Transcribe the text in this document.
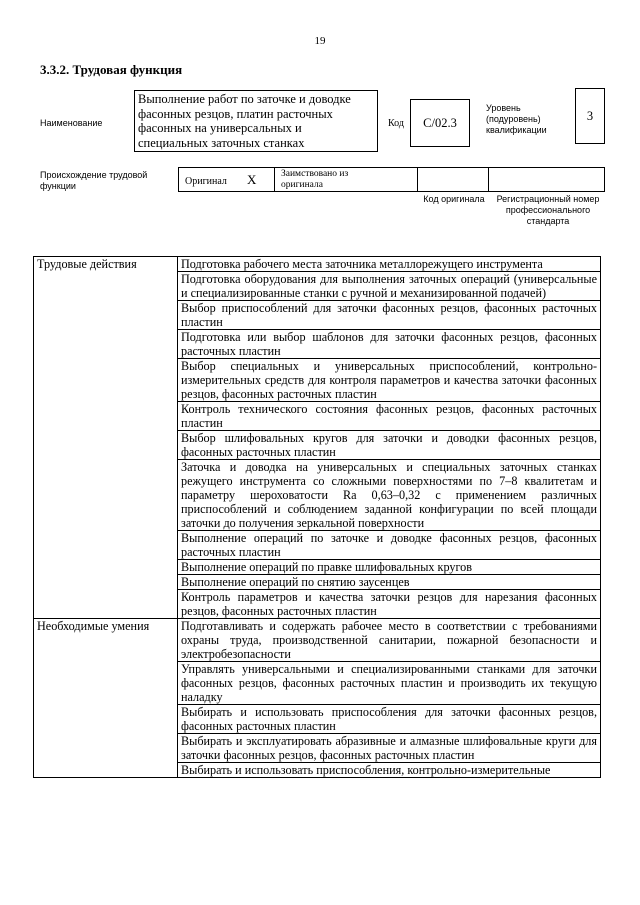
19
3.3.2. Трудовая функция
Наименование
Выполнение работ по заточке и доводке фасонных резцов, платин расточных фасонных на универсальных и специальных заточных станках
Код	С/02.3
Уровень (подуровень) квалификации
3
Происхождение трудовой функции	Оригинал X	Заимствовано из оригинала
Код оригинала	Регистрационный номер профессионального стандарта
Трудовые действия	Подготовка рабочего места заточника металлорежущего инструмента
	Подготовка оборудования для выполнения заточных операций (универсальные и специализированные станки с ручной и механизированной подачей)
	Выбор приспособлений для заточки фасонных резцов, фасонных расточных пластин
	Подготовка или выбор шаблонов для заточки фасонных резцов, фасонных расточных пластин
	Выбор специальных и универсальных приспособлений, контрольно-измерительных средств для контроля параметров и качества заточки фасонных резцов, фасонных расточных пластин
	Контроль технического состояния фасонных резцов, фасонных расточных пластин
	Выбор шлифовальных кругов для заточки и доводки фасонных резцов, фасонных расточных пластин
	Заточка и доводка на универсальных и специальных заточных станках режущего инструмента со сложными поверхностями по 7–8 квалитетам и параметру шероховатости Ra 0,63–0,32 с применением различных приспособлений и соблюдением заданной конфигурации по всей площади заточки до получения зеркальной поверхности
	Выполнение операций по заточке и доводке фасонных резцов, фасонных расточных пластин
	Выполнение операций по правке шлифовальных кругов
	Выполнение операций по снятию заусенцев
	Контроль параметров и качества заточки резцов для нарезания фасонных резцов, фасонных расточных пластин
Необходимые умения	Подготавливать и содержать рабочее место в соответствии с требованиями охраны труда, производственной санитарии, пожарной безопасности и электробезопасности
	Управлять универсальными и специализированными станками для заточки фасонных резцов, фасонных расточных пластин и производить их текущую наладку
	Выбирать и использовать приспособления для заточки фасонных резцов, фасонных расточных пластин
	Выбирать и эксплуатировать абразивные и алмазные шлифовальные круги для заточки фасонных резцов, фасонных расточных пластин
	Выбирать и использовать приспособления, контрольно-измерительные
